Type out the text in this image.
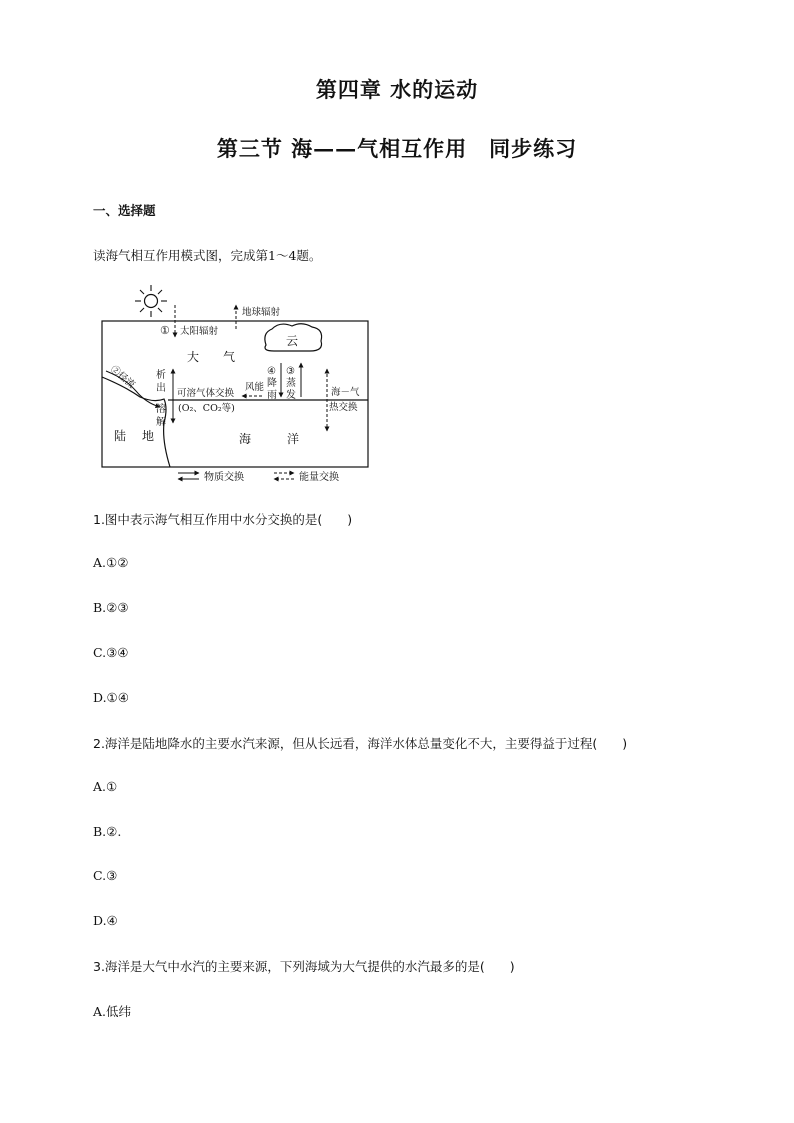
第四章 水的运动
第三节 海——气相互作用　同步练习
一、选择题
读海气相互作用模式图，完成第1～4题。
① 太阳辐射
地球辐射
云
大 气
②径流 析
出
溶
解
可溶气体交换
(O₂、CO₂等)
风能
④
降
雨
③
蒸
发	海－气
热交换
陆 地	海	洋
物质交换	能量交换
1.图中表示海气相互作用中水分交换的是(　　)
A.①②
B.②③
C.③④
D.①④
2.海洋是陆地降水的主要水汽来源，但从长远看，海洋水体总量变化不大，主要得益于过程(　　)
A.①
B.②.
C.③
D.④
3.海洋是大气中水汽的主要来源，下列海域为大气提供的水汽最多的是(　　)
A.低纬
